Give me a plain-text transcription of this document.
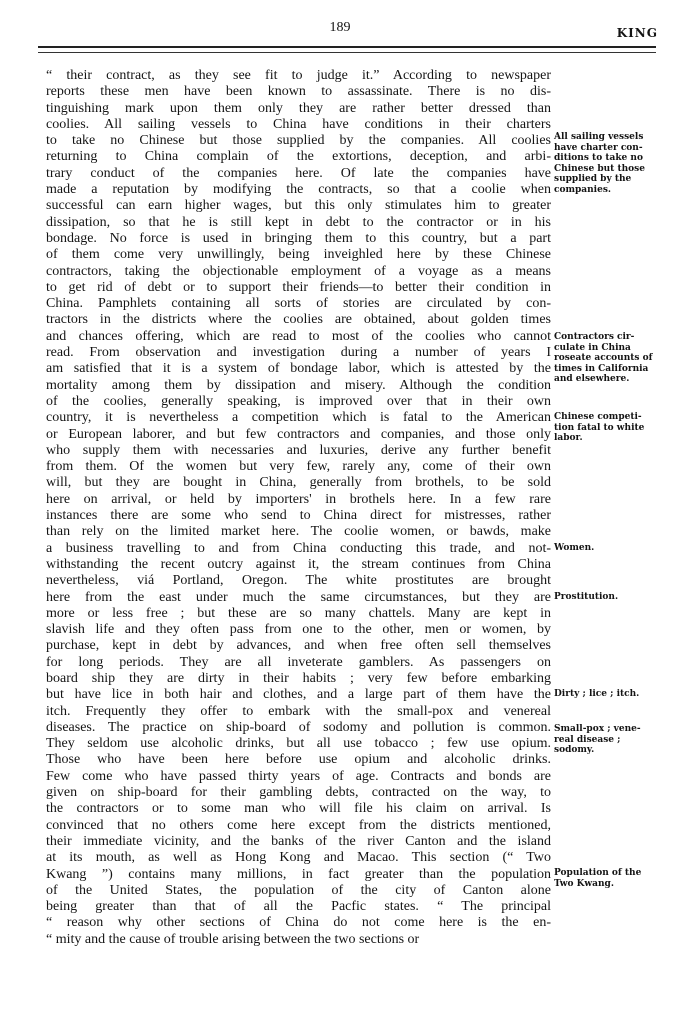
189	KING
“ their contract, as they see fit to judge it.” According to newspaper
reports these men have been known to assassinate. There is no dis-
tinguishing mark upon them only they are rather better dressed than
coolies. All sailing vessels to China have conditions in their charters
to take no Chinese but those supplied by the companies. All coolies
returning to China complain of the extortions, deception, and arbi-
trary conduct of the companies here. Of late the companies have
made a reputation by modifying the contracts, so that a coolie when
successful can earn higher wages, but this only stimulates him to greater
dissipation, so that he is still kept in debt to the contractor or in his
bondage. No force is used in bringing them to this country, but a part
of them come very unwillingly, being inveighled here by these Chinese
contractors, taking the objectionable employment of a voyage as a means
to get rid of debt or to support their friends—to better their condition in
China. Pamphlets containing all sorts of stories are circulated by con-
tractors in the districts where the coolies are obtained, about golden times
and chances offering, which are read to most of the coolies who cannot
read. From observation and investigation during a number of years I
am satisfied that it is a system of bondage labor, which is attested by the
mortality among them by dissipation and misery. Although the condition
of the coolies, generally speaking, is improved over that in their own
country, it is nevertheless a competition which is fatal to the American
or European laborer, and but few contractors and companies, and those only
who supply them with necessaries and luxuries, derive any further benefit
from them. Of the women but very few, rarely any, come of their own
will, but they are bought in China, generally from brothels, to be sold
here on arrival, or held by importers' in brothels here. In a few rare
instances there are some who send to China direct for mistresses, rather
than rely on the limited market here. The coolie women, or bawds, make
a business travelling to and from China conducting this trade, and not-
withstanding the recent outcry against it, the stream continues from China
nevertheless, viá Portland, Oregon. The white prostitutes are brought
here from the east under much the same circumstances, but they are
more or less free ; but these are so many chattels. Many are kept in
slavish life and they often pass from one to the other, men or women, by
purchase, kept in debt by advances, and when free often sell themselves
for long periods. They are all inveterate gamblers. As passengers on
board ship they are dirty in their habits ; very few before embarking
but have lice in both hair and clothes, and a large part of them have the
itch. Frequently they offer to embark with the small-pox and venereal
diseases. The practice on ship-board of sodomy and pollution is common.
They seldom use alcoholic drinks, but all use tobacco ; few use opium.
Those who have been here before use opium and alcoholic drinks.
Few come who have passed thirty years of age. Contracts and bonds are
given on ship-board for their gambling debts, contracted on the way, to
the contractors or to some man who will file his claim on arrival. Is
convinced that no others come here except from the districts mentioned,
their immediate vicinity, and the banks of the river Canton and the island
at its mouth, as well as Hong Kong and Macao. This section (“ Two
Kwang ”) contains many millions, in fact greater than the population
of the United States, the population of the city of Canton alone
being greater than that of all the Pacfic states. “ The principal
“ reason why other sections of China do not come here is the en-
“ mity and the cause of trouble arising between the two sections or
All sailing vessels
have charter con-
ditions to take no
Chinese but those
supplied by the
companies.
Contractors cir-
culate in China
roseate accounts of
times in California
and elsewhere.
Chinese competi-
tion fatal to white
labor.
Women.
Prostitution.
Dirty ; lice ; itch.
Small-pox ; vene-
real disease ;
sodomy.
Population of the
Two Kwang.
